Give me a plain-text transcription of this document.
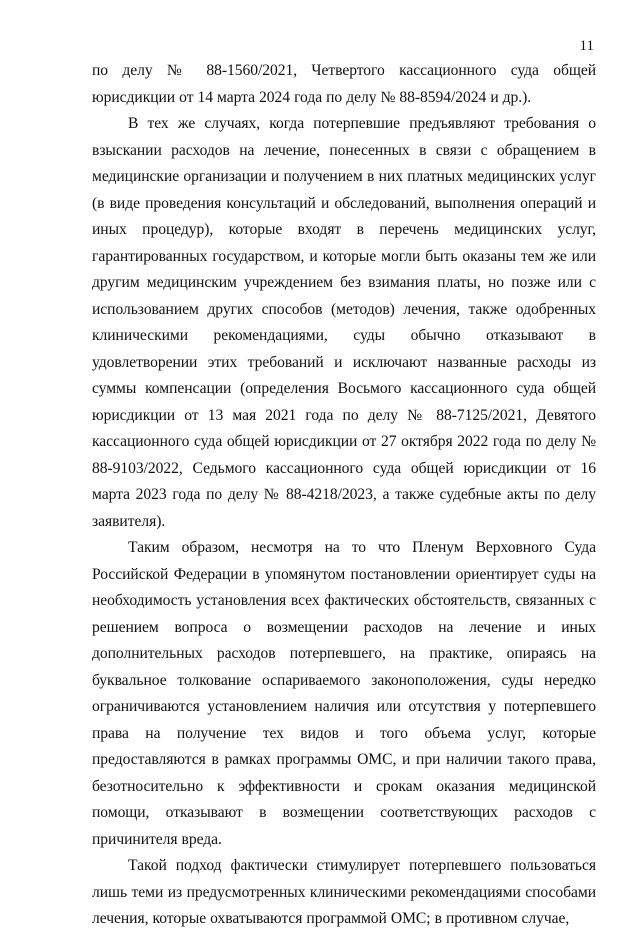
11

по делу № 88-1560/2021, Четвертого кассационного суда общей юрисдикции от 14 марта 2024 года по делу № 88-8594/2024 и др.).

В тех же случаях, когда потерпевшие предъявляют требования о взыскании расходов на лечение, понесенных в связи с обращением в медицинские организации и получением в них платных медицинских услуг (в виде проведения консультаций и обследований, выполнения операций и иных процедур), которые входят в перечень медицинских услуг, гарантированных государством, и которые могли быть оказаны тем же или другим медицинским учреждением без взимания платы, но позже или с использованием других способов (методов) лечения, также одобренных клиническими рекомендациями, суды обычно отказывают в удовлетворении этих требований и исключают названные расходы из суммы компенсации (определения Восьмого кассационного суда общей юрисдикции от 13 мая 2021 года по делу № 88-7125/2021, Девятого кассационного суда общей юрисдикции от 27 октября 2022 года по делу № 88-9103/2022, Седьмого кассационного суда общей юрисдикции от 16 марта 2023 года по делу № 88-4218/2023, а также судебные акты по делу заявителя).

Таким образом, несмотря на то что Пленум Верховного Суда Российской Федерации в упомянутом постановлении ориентирует суды на необходимость установления всех фактических обстоятельств, связанных с решением вопроса о возмещении расходов на лечение и иных дополнительных расходов потерпевшего, на практике, опираясь на буквальное толкование оспариваемого законоположения, суды нередко ограничиваются установлением наличия или отсутствия у потерпевшего права на получение тех видов и того объема услуг, которые предоставляются в рамках программы ОМС, и при наличии такого права, безотносительно к эффективности и срокам оказания медицинской помощи, отказывают в возмещении соответствующих расходов с причинителя вреда.

Такой подход фактически стимулирует потерпевшего пользоваться лишь теми из предусмотренных клиническими рекомендациями способами лечения, которые охватываются программой ОМС; в противном случае,
